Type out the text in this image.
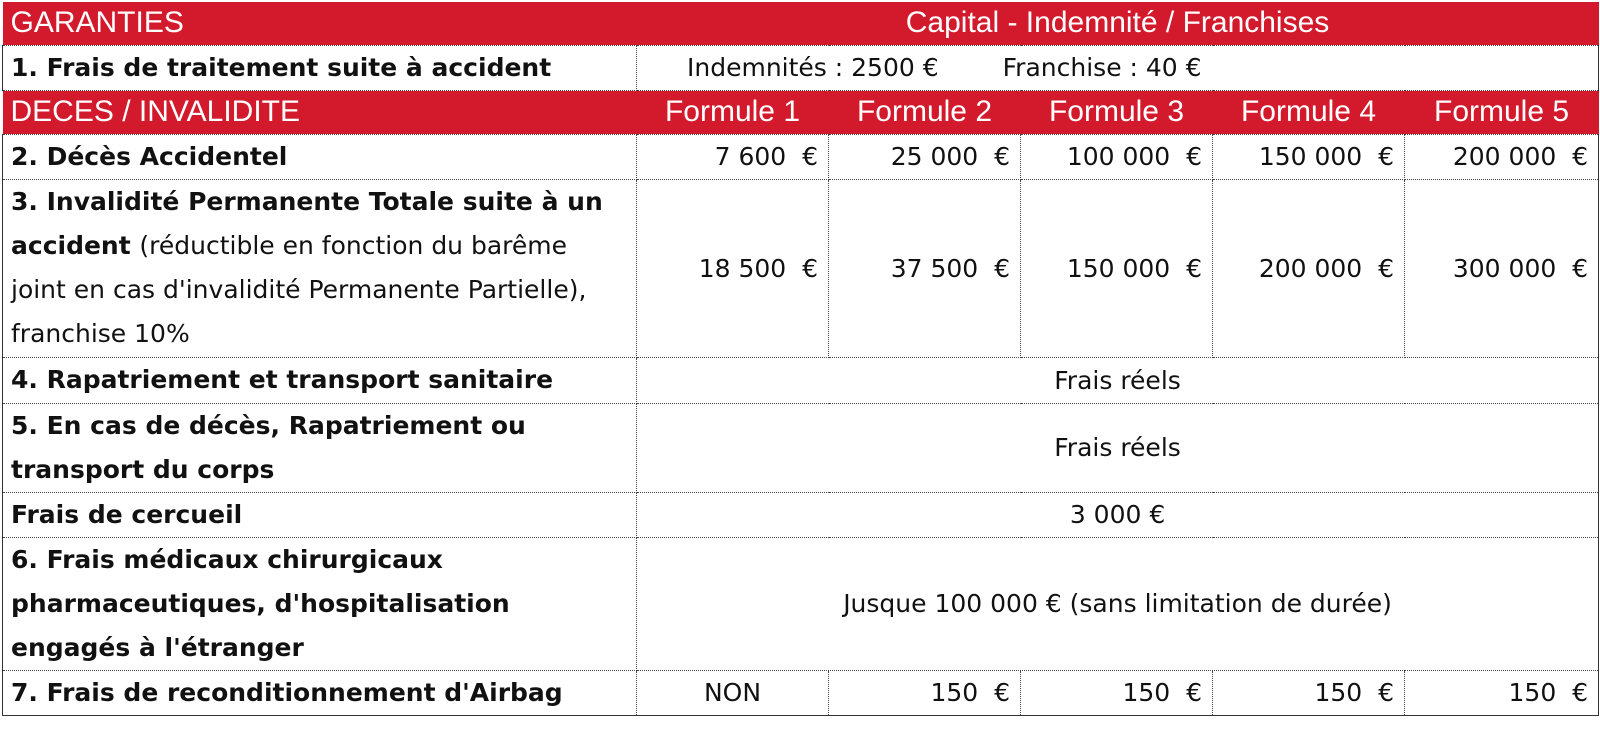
GARANTIES	Capital - Indemnité / Franchises				
1. Frais de traitement suite à accident	Indemnités : 2500 € Franchise : 40 €				
DECES / INVALIDITE	Formule 1	Formule 2	Formule 3	Formule 4	Formule 5
2. Décès Accidentel	7 600  €	25 000  €	100 000  €	150 000  €	200 000  €
3. Invalidité Permanente Totale suite à un accident (réductible en fonction du barême joint en cas d'invalidité Permanente Partielle), franchise 10%	18 500  €	37 500  €	150 000  €	200 000  €	300 000  €
4. Rapatriement et transport sanitaire	Frais réels				
5. En cas de décès, Rapatriement ou transport du corps	Frais réels				
Frais de cercueil	3 000 €				
6. Frais médicaux chirurgicaux pharmaceutiques, d'hospitalisation engagés à l'étranger	Jusque 100 000 € (sans limitation de durée)				
7. Frais de reconditionnement d'Airbag	NON	150  €	150  €	150  €	150  €
